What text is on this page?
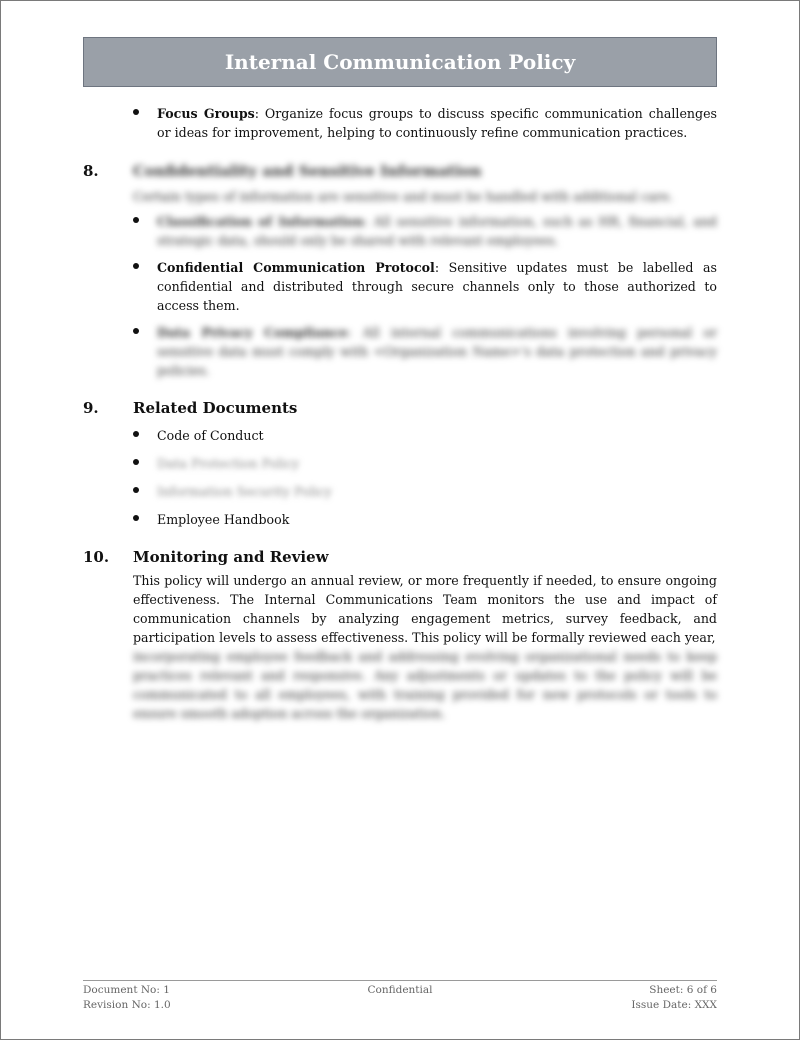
Internal Communication Policy
Focus Groups: Organize focus groups to discuss specific communication challenges or ideas for improvement, helping to continuously refine communication practices.
8. Confidentiality and Sensitive Information
Certain types of information are sensitive and must be handled with additional care.
Classification of Information: All sensitive information, such as HR, financial, and strategic data, should only be shared with relevant employees.
Confidential Communication Protocol: Sensitive updates must be labelled as confidential and distributed through secure channels only to those authorized to access them.
Data Privacy Compliance: All internal communications involving personal or sensitive data must comply with <Organization Name>'s data protection and privacy policies.
9. Related Documents
Code of Conduct
Data Protection Policy
Information Security Policy
Employee Handbook
10. Monitoring and Review
This policy will undergo an annual review, or more frequently if needed, to ensure ongoing effectiveness. The Internal Communications Team monitors the use and impact of communication channels by analyzing engagement metrics, survey feedback, and participation levels to assess effectiveness. This policy will be formally reviewed each year,
incorporating employee feedback and addressing evolving organizational needs to keep practices relevant and responsive. Any adjustments or updates to the policy will be communicated to all employees, with training provided for new protocols or tools to ensure smooth adoption across the organization.
Document No: 1	Confidential	Sheet: 6 of 6
Revision No: 1.0	Issue Date: XXX
